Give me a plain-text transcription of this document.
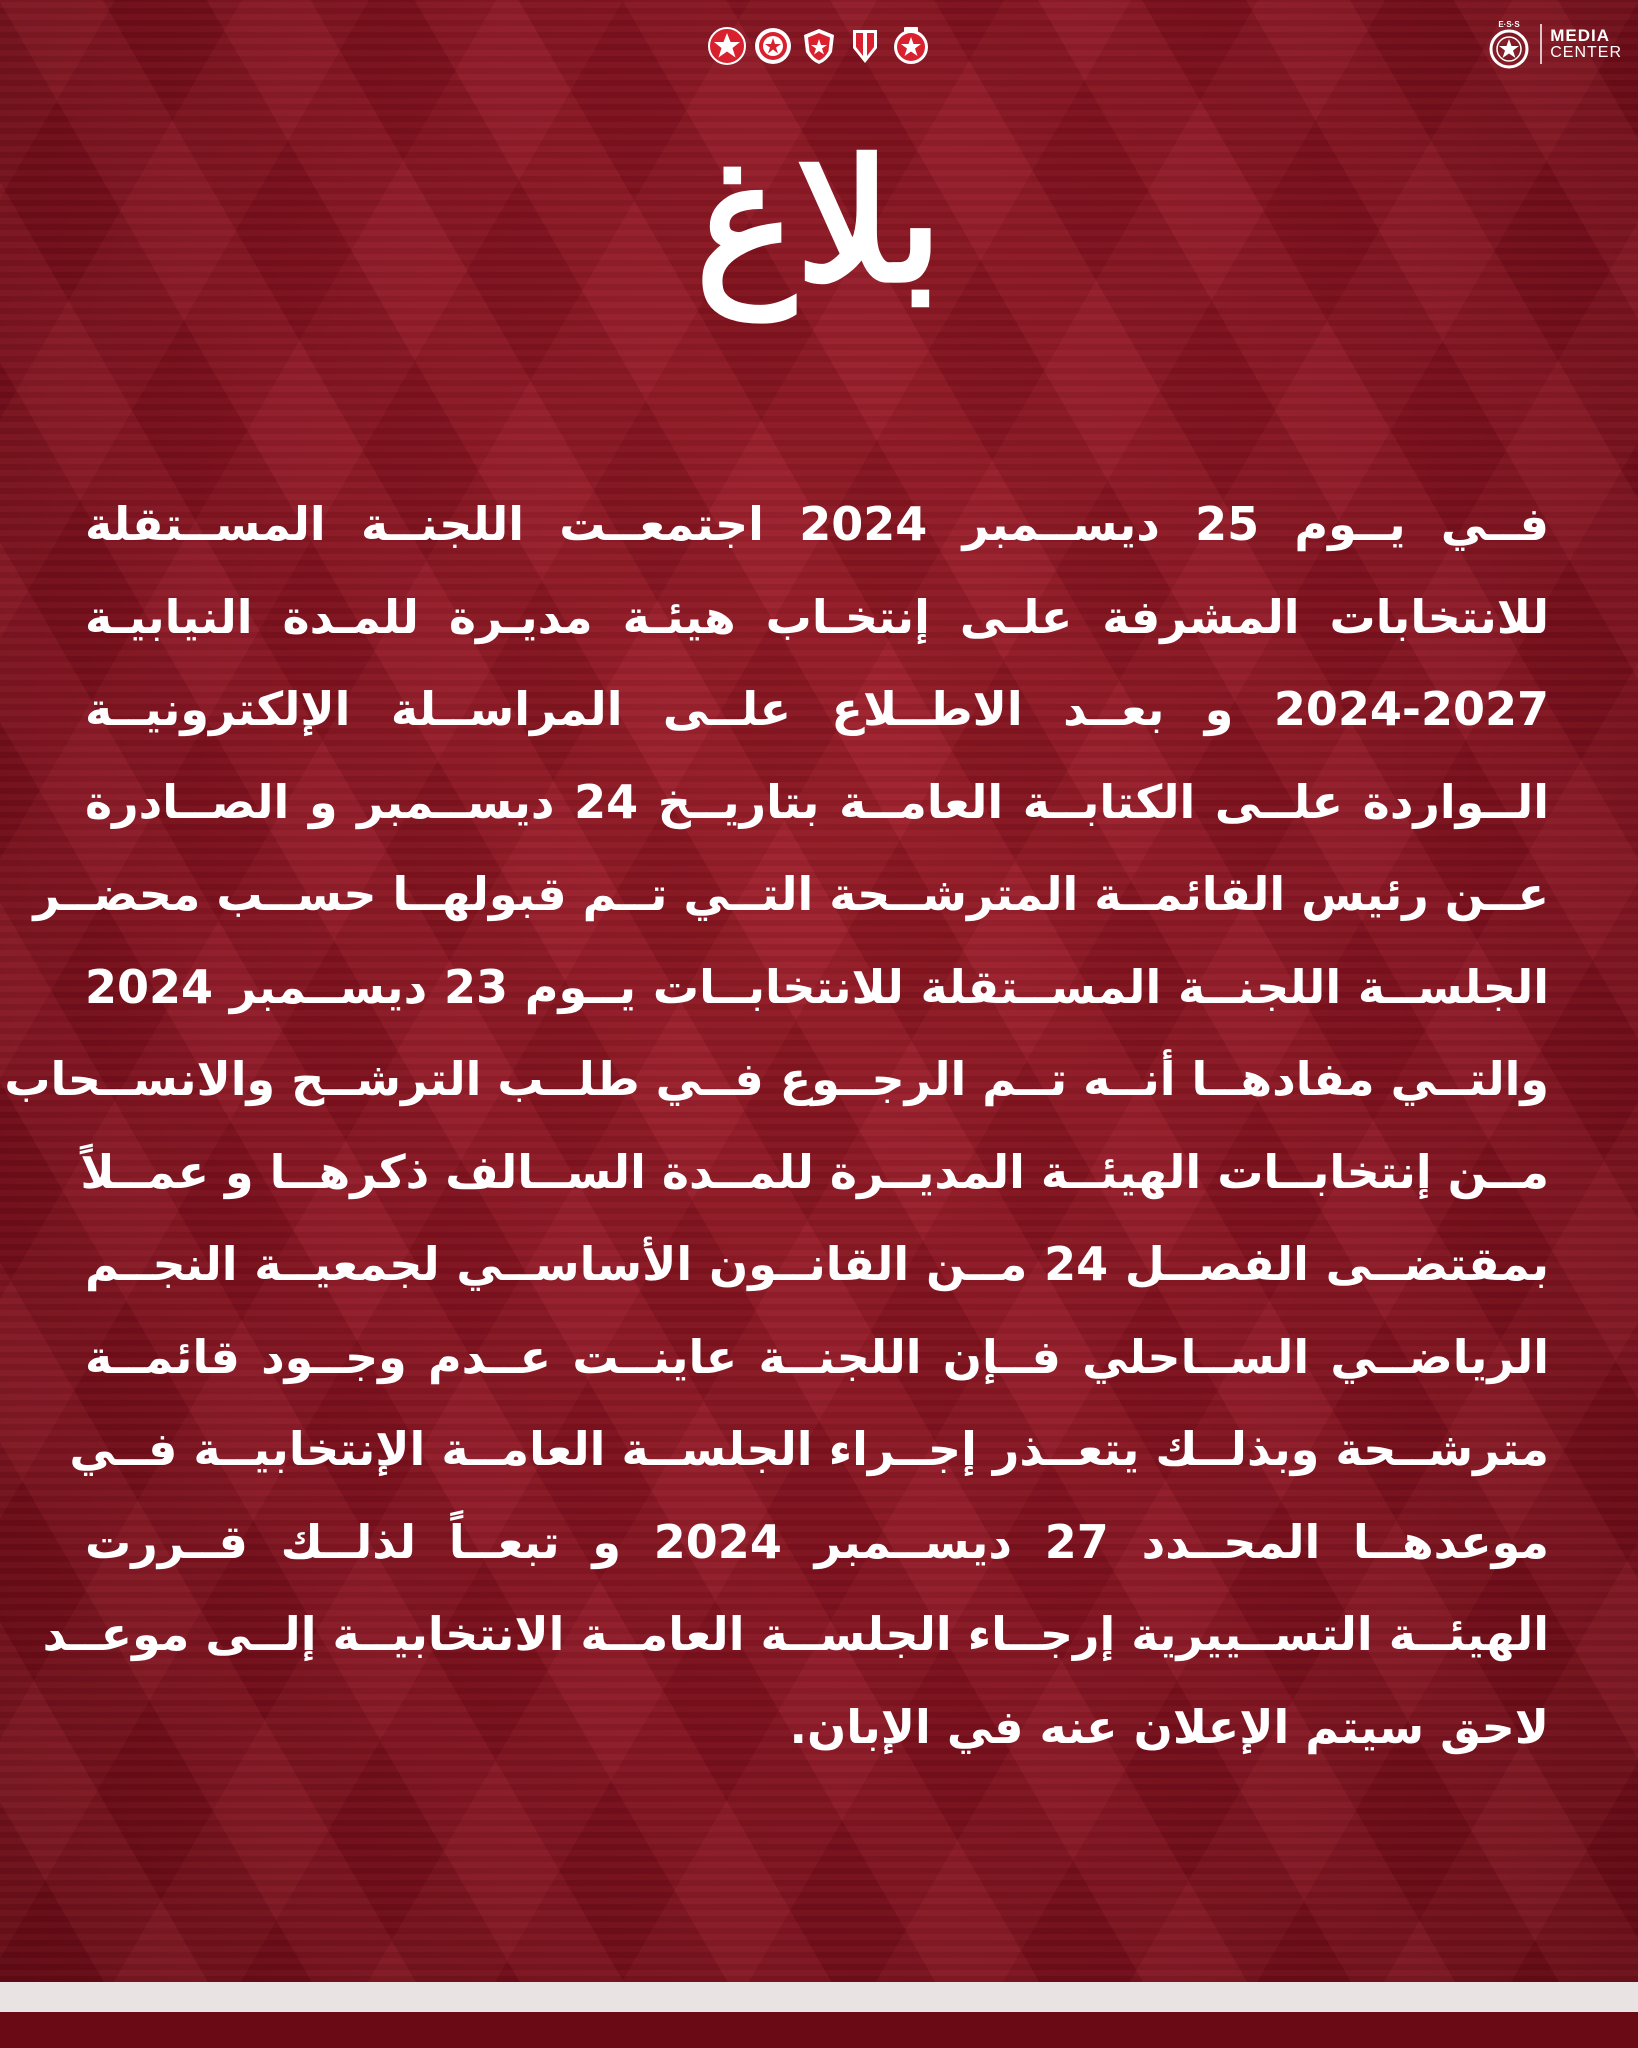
E·S·S
MEDIA
CENTER
بلاغ
فــي يــوم 25 ديســمبر 2024 اجتمعــت اللجنــة المســتقلة
للانتخابات المشرفة علـى إنتخـاب هيئـة مديـرة للمـدة النيابيـة
2024-2027 و بعــد الاطــلاع علــى المراســلة الإلكترونيــة
الــواردة علــى الكتابــة العامــة بتاريــخ 24 ديســمبر و الصــادرة
عــن رئيس القائمــة المترشــحة التــي تــم قبولهــا حســب محضــر
الجلســة اللجنــة المســتقلة للانتخابــات يــوم 23 ديســمبر 2024
والتــي مفادهــا أنــه تــم الرجــوع فــي طلــب الترشــح والانســحاب
مــن إنتخابــات الهيئــة المديــرة للمــدة الســالف ذكرهــا و عمــلاً
بمقتضــى الفصــل 24 مــن القانــون الأساســي لجمعيــة النجــم
الرياضــي الســاحلي فــإن اللجنــة عاينــت عــدم وجــود قائمــة
مترشــحة وبذلــك يتعــذر إجــراء الجلســة العامــة الإنتخابيــة فــي
موعدهــا المحــدد 27 ديســمبر 2024 و تبعــاً لذلــك قــررت
الهيئــة التســييرية إرجــاء الجلســة العامــة الانتخابيــة إلــى موعــد
لاحق سيتم الإعلان عنه في الإبان.
